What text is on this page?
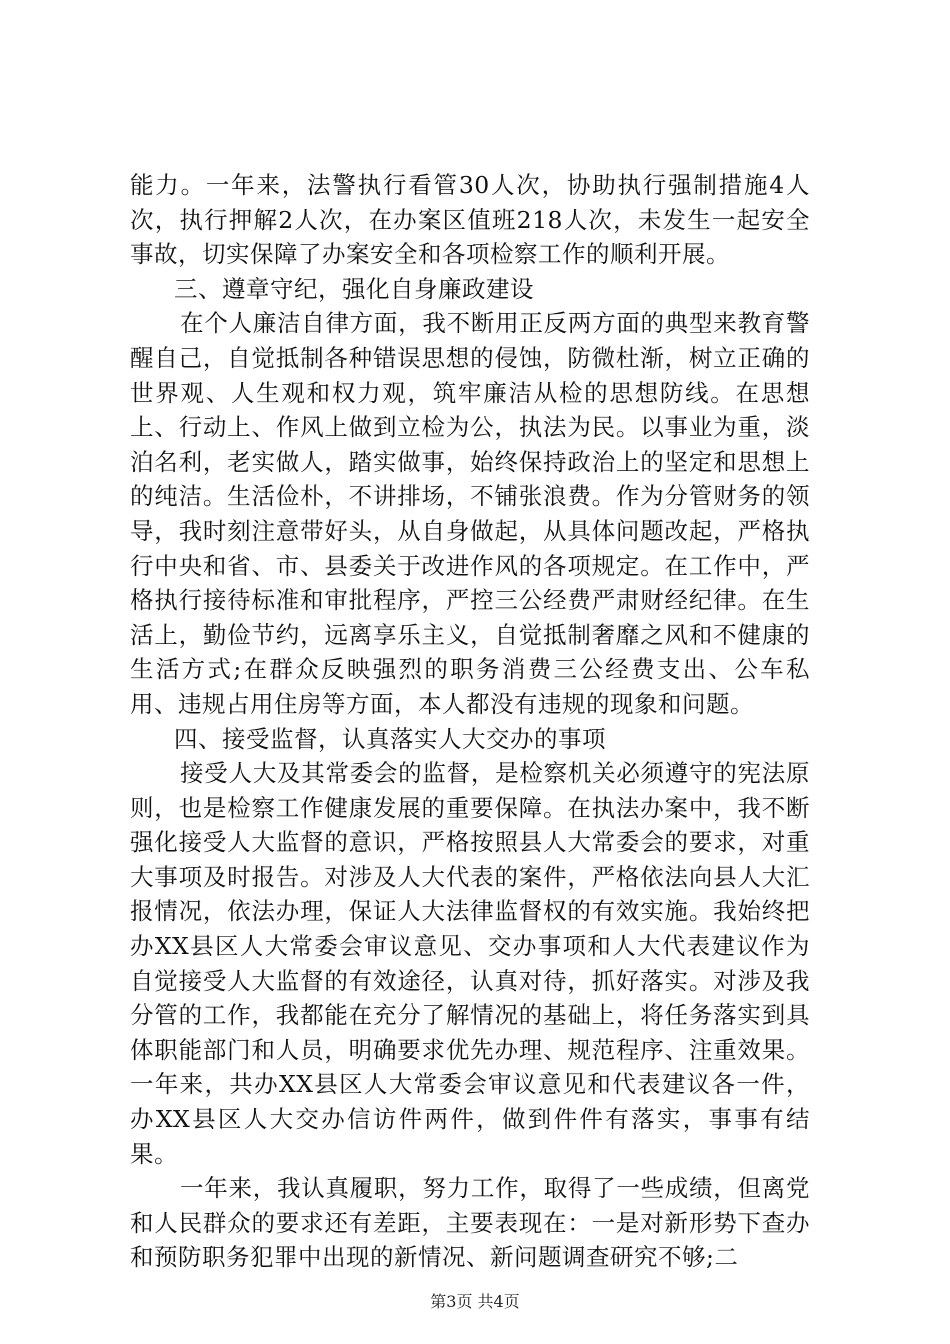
能力。一年来，法警执行看管30人次，协助执行强制措施4人次，执行押解2人次，在办案区值班218人次，未发生一起安全事故，切实保障了办案安全和各项检察工作的顺利开展。

三、遵章守纪，强化自身廉政建设

在个人廉洁自律方面，我不断用正反两方面的典型来教育警醒自己，自觉抵制各种错误思想的侵蚀，防微杜渐，树立正确的世界观、人生观和权力观，筑牢廉洁从检的思想防线。在思想上、行动上、作风上做到立检为公，执法为民。以事业为重，淡泊名利，老实做人，踏实做事，始终保持政治上的坚定和思想上的纯洁。生活俭朴，不讲排场，不铺张浪费。作为分管财务的领导，我时刻注意带好头，从自身做起，从具体问题改起，严格执行中央和省、市、县委关于改进作风的各项规定。在工作中，严格执行接待标准和审批程序，严控三公经费严肃财经纪律。在生活上，勤俭节约，远离享乐主义，自觉抵制奢靡之风和不健康的生活方式;在群众反映强烈的职务消费三公经费支出、公车私用、违规占用住房等方面，本人都没有违规的现象和问题。

四、接受监督，认真落实人大交办的事项

接受人大及其常委会的监督，是检察机关必须遵守的宪法原则，也是检察工作健康发展的重要保障。在执法办案中，我不断强化接受人大监督的意识，严格按照县人大常委会的要求，对重大事项及时报告。对涉及人大代表的案件，严格依法向县人大汇报情况，依法办理，保证人大法律监督权的有效实施。我始终把办XX县区人大常委会审议意见、交办事项和人大代表建议作为自觉接受人大监督的有效途径，认真对待，抓好落实。对涉及我分管的工作，我都能在充分了解情况的基础上，将任务落实到具体职能部门和人员，明确要求优先办理、规范程序、注重效果。一年来，共办XX县区人大常委会审议意见和代表建议各一件，办XX县区人大交办信访件两件，做到件件有落实，事事有结果。

一年来，我认真履职，努力工作，取得了一些成绩，但离党和人民群众的要求还有差距，主要表现在：一是对新形势下查办和预防职务犯罪中出现的新情况、新问题调查研究不够;二

第3页 共4页
